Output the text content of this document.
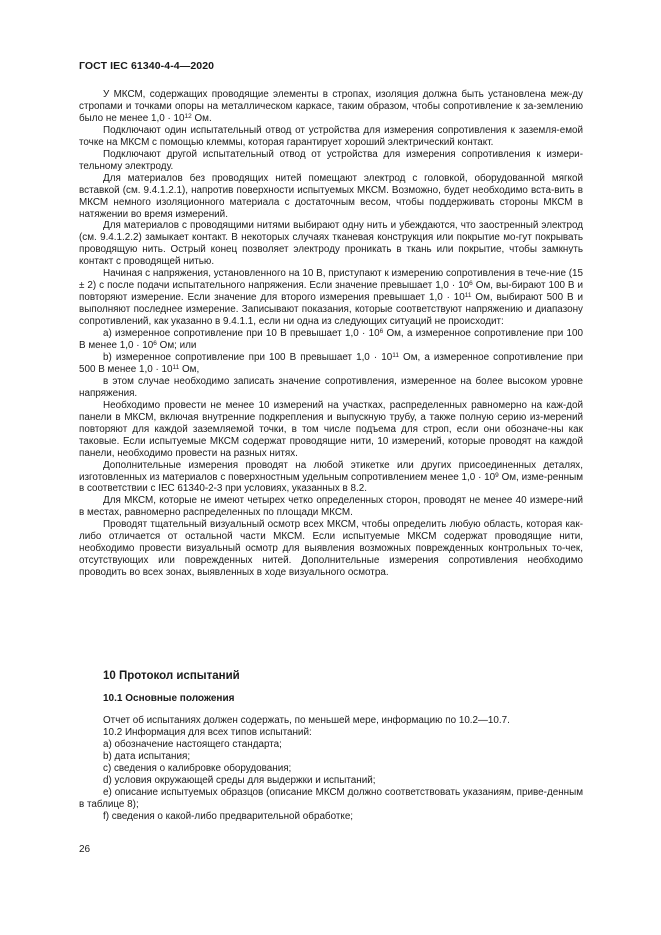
ГОСТ IEC 61340-4-4—2020

У МКСМ, содержащих проводящие элементы в стропах, изоляция должна быть установлена меж-ду стропами и точками опоры на металлическом каркасе, таким образом, чтобы сопротивление к за-землению было не менее $1,0 \cdot 10^{12}$ Ом.

Подключают один испытательный отвод от устройства для измерения сопротивления к заземля-емой точке на МКСМ с помощью клеммы, которая гарантирует хороший электрический контакт.

Подключают другой испытательный отвод от устройства для измерения сопротивления к измери-тельному электроду.

Для материалов без проводящих нитей помещают электрод с головкой, оборудованной мягкой вставкой (см. 9.4.1.2.1), напротив поверхности испытуемых МКСМ. Возможно, будет необходимо вста-вить в МКСМ немного изоляционного материала с достаточным весом, чтобы поддерживать стороны МКСМ в натяжении во время измерений.

Для материалов с проводящими нитями выбирают одну нить и убеждаются, что заостренный электрод (см. 9.4.1.2.2) замыкает контакт. В некоторых случаях тканевая конструкция или покрытие мо-гут покрывать проводящую нить. Острый конец позволяет электроду проникать в ткань или покрытие, чтобы замкнуть контакт с проводящей нитью.

Начиная с напряжения, установленного на 10 В, приступают к измерению сопротивления в тече-ние (15 ± 2) с после подачи испытательного напряжения. Если значение превышает $1,0 \cdot 10^6$ Ом, вы-бирают 100 В и повторяют измерение. Если значение для второго измерения превышает $1,0 \cdot 10^{11}$ Ом, выбирают 500 В и выполняют последнее измерение. Записывают показания, которые соответствуют напряжению и диапазону сопротивлений, как указанно в 9.4.1.1, если ни одна из следующих ситуаций не происходит:

а) измеренное сопротивление при 10 В превышает $1,0 \cdot 10^6$ Ом, а измеренное сопротивление при 100 В менее $1,0 \cdot 10^6$ Ом; или

b) измеренное сопротивление при 100 В превышает $1,0 \cdot 10^{11}$ Ом, а измеренное сопротивление при 500 В менее $1,0 \cdot 10^{11}$ Ом,

в этом случае необходимо записать значение сопротивления, измеренное на более высоком уровне напряжения.

Необходимо провести не менее 10 измерений на участках, распределенных равномерно на каж-дой панели в МКСМ, включая внутренние подкрепления и выпускную трубу, а также полную серию из-мерений повторяют для каждой заземляемой точки, в том числе подъема для строп, если они обозначе-ны как таковые. Если испытуемые МКСМ содержат проводящие нити, 10 измерений, которые проводят на каждой панели, необходимо провести на разных нитях.

Дополнительные измерения проводят на любой этикетке или других присоединенных деталях, изготовленных из материалов с поверхностным удельным сопротивлением менее $1,0 \cdot 10^9$ Ом, изме-ренным в соответствии с IEC 61340-2-3 при условиях, указанных в 8.2.

Для МКСМ, которые не имеют четырех четко определенных сторон, проводят не менее 40 измере-ний в местах, равномерно распределенных по площади МКСМ.

Проводят тщательный визуальный осмотр всех МКСМ, чтобы определить любую область, которая как-либо отличается от остальной части МКСМ. Если испытуемые МКСМ содержат проводящие нити, необходимо провести визуальный осмотр для выявления возможных поврежденных контрольных то-чек, отсутствующих или поврежденных нитей. Дополнительные измерения сопротивления необходимо проводить во всех зонах, выявленных в ходе визуального осмотра.

10 Протокол испытаний
10.1 Основные положения

Отчет об испытаниях должен содержать, по меньшей мере, информацию по 10.2—10.7.

10.2 Информация для всех типов испытаний:

a) обозначение настоящего стандарта;

b) дата испытания;

c) сведения о калибровке оборудования;

d) условия окружающей среды для выдержки и испытаний;

e) описание испытуемых образцов (описание МКСМ должно соответствовать указаниям, приве-денным в таблице 8);

f) сведения о какой-либо предварительной обработке;

26
